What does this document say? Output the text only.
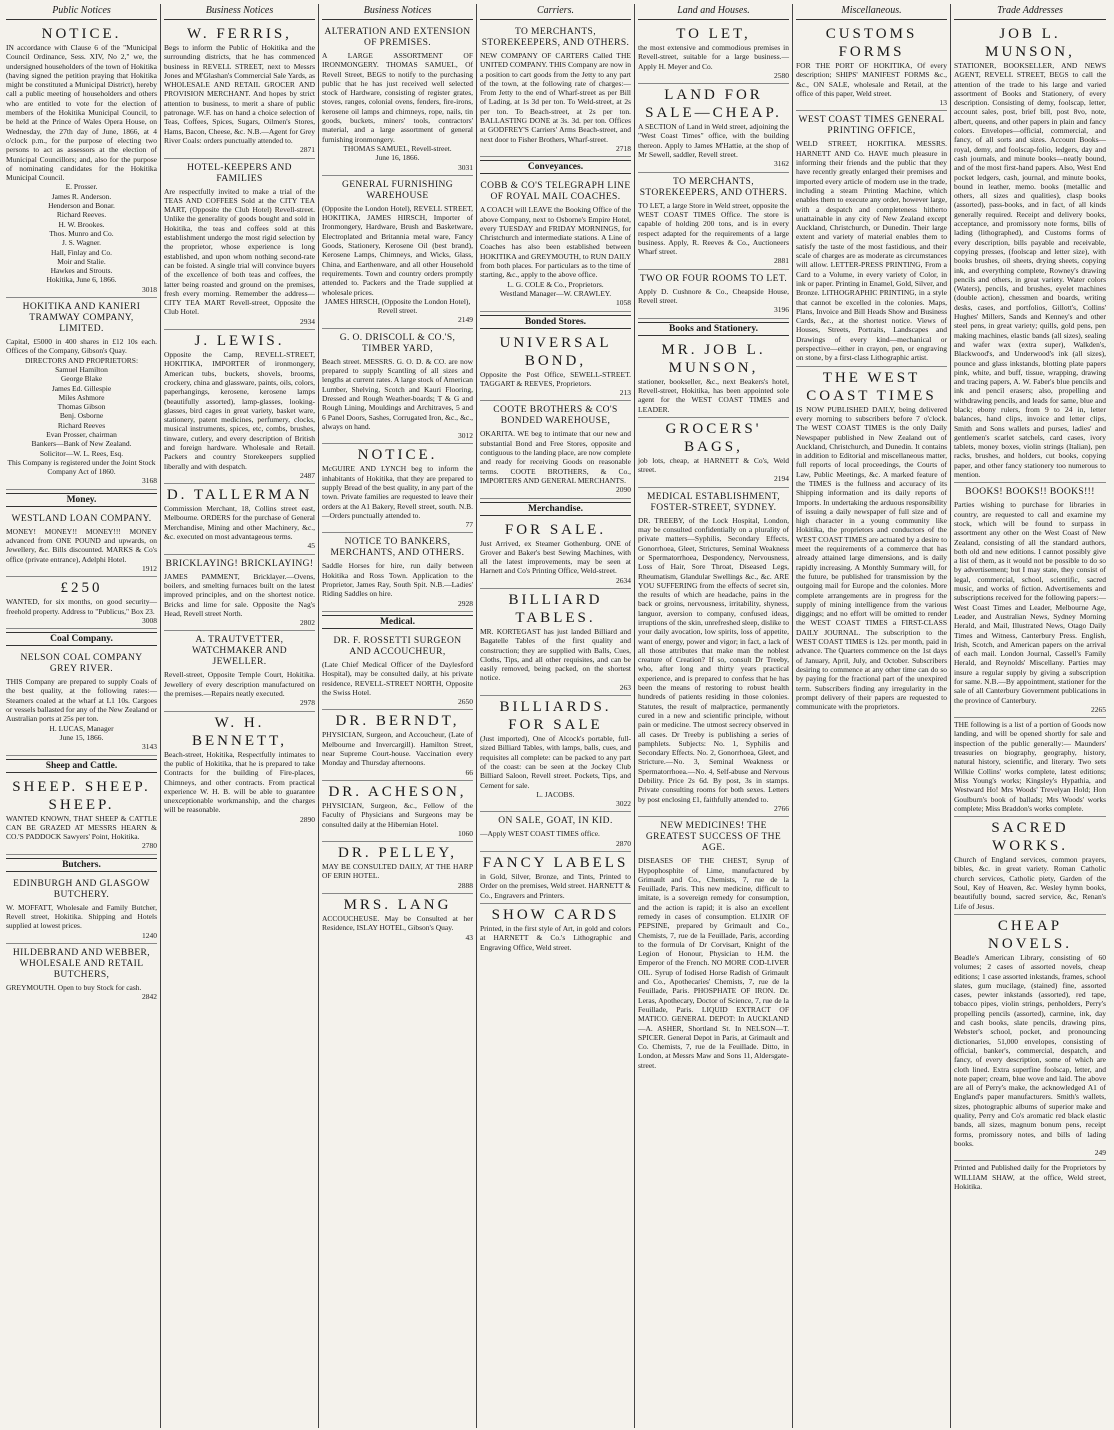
Public Notices
NOTICE.
IN accordance with Clause 6 of the "Municipal Council Ordinance, Sess. XIV, No 2," we, the undersigned householders of the town of Hokitika (having signed the petition praying that Hokitika might be constituted a Municipal District), hereby call a public meeting of householders and others who are entitled to vote for the election of members of the Hokitika Municipal Council, to be held at the Prince of Wales Opera House, on Wednesday, the 27th day of June, 1866, at 4 o'clock p.m., for the purpose of electing two persons to act as assessors at the election of Municipal Councillors; and, also for the purpose of nominating candidates for the Hokitika Municipal Council.
E. Prosser.
James R. Anderson.
Henderson and Bonar.
Richard Reeves.
H. W. Brookes.
Thos. Munro and Co.
J. S. Wagner.
Hall, Finlay and Co.
Moir and Stalie.
Hawkes and Strouts.
Hokitika, June 6, 1866.
3018
HOKITIKA AND KANIERI TRAMWAY COMPANY, LIMITED.
Capital, £5000 in 400 shares in £12 10s each. Offices of the Company, Gibson's Quay.
DIRECTORS AND PROPRIETORS:
Samuel Hamilton
George Blake
James Ed. Gillespie
Miles Ashmore
Thomas Gibson
Benj. Osborne
Richard Reeves
Evan Prosser, chairman
Bankers—Bank of New Zealand.
Solicitor—W. L. Rees, Esq.
This Company is registered under the Joint Stock Company Act of 1860.
3168
Money.
WESTLAND LOAN COMPANY.
MONEY! MONEY!! MONEY!!! MONEY advanced from ONE POUND and upwards, on Jewellery, &c. Bills discounted. MARKS & Co's office (private entrance), Adelphi Hotel.
1912
£250
WANTED, for six months, on good security—freehold property. Address to "Publicus," Box 23.
3008
Coal Company.
NELSON COAL COMPANY GREY RIVER.
THIS Company are prepared to supply Coals of the best quality, at the following rates:— Steamers coaled at the wharf at L1 10s. Cargoes or vessels ballasted for any of the New Zealand or Australian ports at 25s per ton.
H. LUCAS, Manager
June 15, 1866.
3143
Sheep and Cattle.
SHEEP. SHEEP. SHEEP.
WANTED KNOWN, THAT SHEEP & CATTLE CAN BE GRAZED AT MESSRS HEARN & CO.'S PADDOCK Sawyers' Point, Hokitika.
2780
Butchers.
EDINBURGH AND GLASGOW BUTCHERY.
W. MOFFATT, Wholesale and Family Butcher, Revell street, Hokitika. Shipping and Hotels supplied at lowest prices.
1240
HILDEBRAND AND WEBBER, WHOLESALE AND RETAIL BUTCHERS,
GREYMOUTH. Open to buy Stock for cash.
2842
Business Notices
W. FERRIS,
Begs to inform the Public of Hokitika and the surrounding districts, that he has commenced business in REVELL STREET, next to Messrs Jones and M'Glashan's Commercial Sale Yards, as WHOLESALE AND RETAIL GROCER AND PROVISION MERCHANT. And hopes by strict attention to business, to merit a share of public patronage. W.F. has on hand a choice selection of Teas, Coffees, Spices, Sugars, Oilmen's Stores, Hams, Bacon, Cheese, &c. N.B.—Agent for Grey River Coals: orders punctually attended to.
2871
HOTEL-KEEPERS AND FAMILIES
Are respectfully invited to make a trial of the TEAS AND COFFEES Sold at the CITY TEA MART, (Opposite the Club Hotel) Revell-street. Unlike the generality of goods bought and sold in Hokitika, the teas and coffees sold at this establishment undergo the most rigid selection by the proprietor, whose experience is long established, and upon whom nothing second-rate can be foisted. A single trial will convince buyers of the excellence of both teas and coffees, the latter being roasted and ground on the premises, fresh every morning. Remember the address— CITY TEA MART Revell-street, Opposite the Club Hotel.
2934
J. LEWIS.
Opposite the Camp, REVELL-STREET, HOKITIKA, IMPORTER of ironmongery, American tubs, buckets, shovels, brooms, crockery, china and glassware, paints, oils, colors, paperhangings, kerosene, kerosene lamps (beautifully assorted), lamp-glasses, looking-glasses, bird cages in great variety, basket ware, stationery, patent medicines, perfumery, clocks, musical instruments, spices, etc, combs, brushes, tinware, cutlery, and every description of British and foreign hardware. Wholesale and Retail. Packers and country Storekeepers supplied liberally and with despatch.
2487
D. TALLERMAN
Commission Merchant, 18, Collins street east, Melbourne. ORDERS for the purchase of General Merchandise, Mining and other Machinery, &c., &c. executed on most advantageous terms.
45
BRICKLAYING! BRICKLAYING!
JAMES PAMMENT, Bricklayer.—Ovens, boilers, and smelting furnaces built on the latest improved principles, and on the shortest notice. Bricks and lime for sale. Opposite the Nag's Head, Revell street North.
2802
A. TRAUTVETTER, WATCHMAKER AND JEWELLER.
Revell-street, Opposite Temple Court, Hokitika. Jewellery of every description manufactured on the premises.—Repairs neatly executed.
2978
W. H. BENNETT,
Beach-street, Hokitika, Respectfully intimates to the public of Hokitika, that he is prepared to take Contracts for the building of Fire-places, Chimneys, and other contracts. From practical experience W. H. B. will be able to guarantee unexceptionable workmanship, and the charges will be reasonable.
2890
Business Notices
ALTERATION AND EXTENSION OF PREMISES.
A LARGE ASSORTMENT OF IRONMONGERY. THOMAS SAMUEL, Of Revell Street, BEGS to notify to the purchasing public that he has just received well selected stock of Hardware, consisting of register grates, stoves, ranges, colonial ovens, fenders, fire-irons, kerosene oil lamps and chimneys, rope, nails, tin goods, buckets, miners' tools, contractors' material, and a large assortment of general furnishing ironmongery.
THOMAS SAMUEL, Revell-street.
June 16, 1866.
3031
GENERAL FURNISHING WAREHOUSE
(Opposite the London Hotel), REVELL STREET, HOKITIKA, JAMES HIRSCH, Importer of Ironmongery, Hardware, Brush and Basketware, Electroplated and Britannia metal ware, Fancy Goods, Stationery, Kerosene Oil (best brand), Kerosene Lamps, Chimneys, and Wicks, Glass, China, and Earthenware, and all other Household requirements. Town and country orders promptly attended to. Packers and the Trade supplied at wholesale prices.
JAMES HIRSCH, (Opposite the London Hotel), Revell street.
2149
G. O. DRISCOLL & CO.'S, TIMBER YARD,
Beach street. MESSRS. G. O. D. & CO. are now prepared to supply Scantling of all sizes and lengths at current rates. A large stock of American Lumber, Shelving, Scotch and Kauri Flooring, Dressed and Rough Weather-boards; T & G and Rough Lining, Mouldings and Architraves, 5 and 6 Panel Doors, Sashes, Corrugated Iron, &c., &c., always on hand.
3012
NOTICE.
McGUIRE AND LYNCH beg to inform the inhabitants of Hokitika, that they are prepared to supply Bread of the best quality, in any part of the town. Private families are requested to leave their orders at the A1 Bakery, Revell street, south. N.B.—Orders punctually attended to.
77
NOTICE TO BANKERS, MERCHANTS, AND OTHERS.
Saddle Horses for hire, run daily between Hokitika and Ross Town. Application to the Proprietor, James Ray, South Spit. N.B.—Ladies' Riding Saddles on hire.
2928
Medical.
DR. F. ROSSETTI SURGEON AND ACCOUCHEUR,
(Late Chief Medical Officer of the Daylesford Hospital), may be consulted daily, at his private residence, REVELL-STREET NORTH, Opposite the Swiss Hotel.
2650
DR. BERNDT,
PHYSICIAN, Surgeon, and Accoucheur, (Late of Melbourne and Invercargill). Hamilton Street, near Supreme Court-house. Vaccination every Monday and Thursday afternoons.
66
DR. ACHESON,
PHYSICIAN, Surgeon, &c., Fellow of the Faculty of Physicians and Surgeons may be consulted daily at the Hibernian Hotel.
1060
DR. PELLEY,
MAY BE CONSULTED DAILY, AT THE HARP OF ERIN HOTEL.
2888
MRS. LANG
ACCOUCHEUSE. May be Consulted at her Residence, ISLAY HOTEL, Gibson's Quay.
43
Carriers.
TO MERCHANTS, STOREKEEPERS, AND OTHERS.
NEW COMPANY OF CARTERS Called THE UNITED COMPANY. THIS Company are now in a position to cart goods from the Jetty to any part of the town, at the following rate of charges:— From Jetty to the end of Wharf-street as per Bill of Lading, at 1s 3d per ton. To Weld-street, at 2s per ton. To Beach-street, at 2s per ton. BALLASTING DONE at 3s. 3d. per ton. Offices at GODFREY'S Carriers' Arms Beach-street, and next door to Fisher Brothers, Wharf-street.
2718
Conveyances.
COBB & CO'S TELEGRAPH LINE OF ROYAL MAIL COACHES.
A COACH will LEAVE the Booking Office of the above Company, next to Osborne's Empire Hotel, every TUESDAY and FRIDAY MORNINGS, for Christchurch and intermediate stations. A Line of Coaches has also been established between HOKITIKA and GREYMOUTH, to RUN DAILY from both places. For particulars as to the time of starting, &c., apply to the above office.
L. G. COLE & Co., Proprietors.
Westland Manager—W. CRAWLEY.
1058
Bonded Stores.
UNIVERSAL BOND,
Opposite the Post Office, SEWELL-STREET. TAGGART & REEVES, Proprietors.
213
COOTE BROTHERS & CO'S BONDED WAREHOUSE,
OKARITA. WE beg to intimate that our new and substantial Bond and Free Stores, opposite and contiguous to the landing place, are now complete and ready for receiving Goods on reasonable terms. COOTE BROTHERS, & Co., IMPORTERS AND GENERAL MERCHANTS.
2090
Merchandise.
FOR SALE.
Just Arrived, ex Steamer Gothenburg. ONE of Grover and Baker's best Sewing Machines, with all the latest improvements, may be seen at Harnett and Co's Printing Office, Weld-street.
2634
BILLIARD TABLES.
MR. KORTEGAST has just landed Billiard and Bagatelle Tables of the first quality and construction; they are supplied with Balls, Cues, Cloths, Tips, and all other requisites, and can be easily removed, being packed, on the shortest notice.
263
BILLIARDS. FOR SALE
(Just imported), One of Alcock's portable, full-sized Billiard Tables, with lamps, balls, cues, and requisites all complete: can be packed to any part of the coast: can be seen at the Jockey Club Billiard Saloon, Revell street. Pockets, Tips, and Cement for sale.
L. JACOBS.
3022
ON SALE, GOAT, IN KID.
—Apply WEST COAST TIMES office.
2870
FANCY LABELS
in Gold, Silver, Bronze, and Tints, Printed to Order on the premises, Weld street. HARNETT & Co., Engravers and Printers.
SHOW CARDS
Printed, in the first style of Art, in gold and colors at HARNETT & Co.'s Lithographic and Engraving Office, Weld street.
Land and Houses.
TO LET,
the most extensive and commodious premises in Revell-street, suitable for a large business.—Apply H. Meyer and Co.
2580
LAND FOR SALE—CHEAP.
A SECTION of Land in Weld street, adjoining the "West Coast Times" office, with the building thereon. Apply to James M'Hattie, at the shop of Mr Sewell, saddler, Revell street.
3162
TO MERCHANTS, STOREKEEPERS, AND OTHERS.
TO LET, a large Store in Weld street, opposite the WEST COAST TIMES Office. The store is capable of holding 200 tons, and is in every respect adapted for the requirements of a large business. Apply, R. Reeves & Co., Auctioneers Wharf street.
2881
TWO OR FOUR ROOMS TO LET.
Apply D. Cushnore & Co., Cheapside House, Revell street.
3196
Books and Stationery.
MR. JOB L. MUNSON,
stationer, bookseller, &c., next Beakers's hotel, Revell-street, Hokitika, has been appointed sole agent for the WEST COAST TIMES and LEADER.
GROCERS' BAGS,
job lots, cheap, at HARNETT & Co's, Weld street.
2194
MEDICAL ESTABLISHMENT, FOSTER-STREET, SYDNEY.
DR. TREEBY, of the Lock Hospital, London, may be consulted confidentially on a plurality of private matters—Syphilis, Secondary Effects, Gonorrhoea, Gleet, Strictures, Seminal Weakness or Spermatorrhoea, Despondency, Nervousness, Loss of Hair, Sore Throat, Diseased Legs, Rheumatism, Glandular Swellings &c., &c. ARE YOU SUFFERING from the effects of secret sin, the results of which are headache, pains in the back or groins, nervousness, irritability, shyness, languor, aversion to company, confused ideas, irruptions of the skin, unrefreshed sleep, dislike to your daily avocation, low spirits, loss of appetite, want of energy, power and vigor; in fact, a lack of all those attributes that make man the noblest creature of Creation? If so, consult Dr Treeby, who, after long and thirty years practical experience, and is prepared to confess that he has been the means of restoring to robust health hundreds of patients residing in those colonies. Statutes, the result of malpractice, permanently cured in a new and scientific principle, without pain or medicine. The utmost secrecy observed in all cases. Dr Treeby is publishing a series of pamphlets. Subjects: No. 1, Syphilis and Secondary Effects. No. 2, Gonorrhoea, Gleet, and Stricture.—No. 3, Seminal Weakness or Spermatorrhoea.—No. 4, Self-abuse and Nervous Debility. Price 2s 6d. By post, 3s in stamps. Private consulting rooms for both sexes. Letters by post enclosing £1, faithfully attended to.
2766
NEW MEDICINES! THE GREATEST SUCCESS OF THE AGE.
DISEASES OF THE CHEST, Syrup of Hypophosphite of Lime, manufactured by Grimault and Co., Chemists, 7, rue de la Feuillade, Paris. This new medicine, difficult to imitate, is a sovereign remedy for consumption, and the action is rapid; it is also an excellent remedy in cases of consumption. ELIXIR OF PEPSINE, prepared by Grimault and Co., Chemists, 7, rue de la Feuillade, Paris, according to the formula of Dr Corvisart, Knight of the Legion of Honour, Physician to H.M. the Emperor of the French. NO MORE COD-LIVER OIL. Syrup of Iodised Horse Radish of Grimault and Co., Apothecaries' Chemists, 7, rue de la Feuillade, Paris. PHOSPHATE OF IRON. Dr. Leras, Apothecary, Doctor of Science, 7, rue de la Feuillade, Paris. LIQUID EXTRACT OF MATICO. GENERAL DEPOT: In AUCKLAND—A. ASHER, Shortland St. In NELSON—T. SPICER. General Depot in Paris, at Grimault and Co. Chemists, 7, rue de la Feuillade. Ditto, in London, at Messrs Maw and Sons 11, Aldersgate-street.
Miscellaneous.
CUSTOMS FORMS
FOR THE PORT OF HOKITIKA, Of every description; SHIPS' MANIFEST FORMS &c., &c., ON SALE, wholesale and Retail, at the office of this paper, Weld street.
13
WEST COAST TIMES GENERAL PRINTING OFFICE,
WELD STREET, HOKITIKA. MESSRS. HARNETT AND Co. HAVE much pleasure in informing their friends and the public that they have recently greatly enlarged their premises and imported every article of modern use in the trade, including a steam Printing Machine, which enables them to execute any order, however large, with a despatch and completeness hitherto unattainable in any city of New Zealand except Auckland, Christchurch, or Dunedin. Their large extent and variety of material enables them to satisfy the taste of the most fastidious, and their scale of charges are as moderate as circumstances will allow. LETTER-PRESS PRINTING, From a Card to a Volume, in every variety of Color, in ink or paper. Printing in Enamel, Gold, Silver, and Bronze. LITHOGRAPHIC PRINTING, in a style that cannot be excelled in the colonies. Maps, Plans, Invoice and Bill Heads Show and Business Cards, &c., at the shortest notice. Views of Houses, Streets, Portraits, Landscapes and Drawings of every kind—mechanical or perspective—either in crayon, pen, or engraving on stone, by a first-class Lithographic artist.
THE WEST COAST TIMES
IS NOW PUBLISHED DAILY, being delivered every morning to subscribers before 7 o'clock. The WEST COAST TIMES is the only Daily Newspaper published in New Zealand out of Auckland, Christchurch, and Dunedin. It contains in addition to Editorial and miscellaneous matter, full reports of local proceedings, the Courts of Law, Public Meetings, &c. A marked feature of the TIMES is the fullness and accuracy of its Shipping information and its daily reports of Imports. In undertaking the arduous responsibility of issuing a daily newspaper of full size and of high character in a young community like Hokitika, the proprietors and conductors of the WEST COAST TIMES are actuated by a desire to meet the requirements of a commerce that has already attained large dimensions, and is daily rapidly increasing. A Monthly Summary will, for the future, be published for transmission by the outgoing mail for Europe and the colonies. More complete arrangements are in progress for the supply of mining intelligence from the various diggings; and no effort will be omitted to render the WEST COAST TIMES a FIRST-CLASS DAILY JOURNAL. The subscription to the WEST COAST TIMES is 12s. per month, paid in advance. The Quarters commence on the 1st days of January, April, July, and October. Subscribers desiring to commence at any other time can do so by paying for the fractional part of the unexpired term. Subscribers finding any irregularity in the prompt delivery of their papers are requested to communicate with the proprietors.
Trade Addresses
JOB L. MUNSON,
STATIONER, BOOKSELLER, AND NEWS AGENT, REVELL STREET, BEGS to call the attention of the trade to his large and varied assortment of Books and Stationery, of every description. Consisting of demy, foolscap, letter, account sales, post, brief bill, post 8vo, note, albert, queens, and other papers in plain and fancy colors. Envelopes—official, commercial, and fancy, of all sorts and sizes. Account Books—royal, demy, and foolscap-folio, ledgers, day and cash journals, and minute books—neatly bound, and of the most first-hand papers. Also, West End pocket ledgers, cash, journal, and minute books, bound in leather, memo. books (metallic and others, all sizes and qualities), clasp books (assorted), pass-books, and in fact, of all kinds generally required. Receipt and delivery books, acceptance, and promissory note forms, bills of lading (lithographed), and Customs forms of every description, bills payable and receivable, copying presses, (foolscap and letter size), with books brushes, oil sheets, drying sheets, copying ink, and everything complete, Rowney's drawing pencils and others, in great variety. Water colors (Waters), pencils, and brushes, eyelet machines (double action), chessmen and boards, writing desks, cases, and portfolios, Gillott's, Collins' Hughes' Millers, Sands and Kenney's and other steel pens, in great variety; quills, gold pens, pen making machines, elastic bands (all sizes), sealing and wafer wax (extra super), Walkden's, Blackwood's, and Underwood's ink (all sizes), pounce and glass inkstands, blotting plate papers pink, white, and buff, tissue, wrapping, drawing and tracing papers, A. W. Faber's blue pencils and ink and pencil erasers; also, propelling and withdrawing pencils, and leads for same, blue and black; ebony rulers, from 9 to 24 in, letter balances, hand clips, invoice and letter clips, Smith and Sons wallets and purses, ladies' and gentlemen's scarlet satchels, card cases, ivory tablets, money boxes, violin strings (Italian), pen racks, brushes, and holders, cut books, copying paper, and other fancy stationery too numerous to mention.
BOOKS! BOOKS!! BOOKS!!!
Parties wishing to purchase for libraries in country, are requested to call and examine my stock, which will be found to surpass in assortment any other on the West Coast of New Zealand, consisting of all the standard authors, both old and new editions. I cannot possibly give a list of them, as it would not be possible to do so by advertisement; but I may state, they consist of legal, commercial, school, scientific, sacred music, and works of fiction. Advertisements and subscriptions received for the following papers:— West Coast Times and Leader, Melbourne Age, Leader, and Australian News, Sydney Morning Herald, and Mail, Illustrated News, Otago Daily Times and Witness, Canterbury Press. English, Irish, Scotch, and American papers on the arrival of each mail. London Journal, Cassell's Family Herald, and Reynolds' Miscellany. Parties may insure a regular supply by giving a subscription for same. N.B.—By appointment, stationer for the sale of all Canterbury Government publications in the province of Canterbury.
2265
THE following is a list of a portion of Goods now landing, and will be opened shortly for sale and inspection of the public generally:— Maunders' treasuries on biography, geography, history, natural history, scientific, and literary. Two sets Wilkie Collins' works complete, latest editions; Miss Young's works; Kingsley's Hypathia, and Westward Ho! Mrs Woods' Trevelyan Hold; Hon Goulburn's book of ballads; Mrs Woods' works complete; Miss Braddon's works complete.
SACRED WORKS.
Church of England services, common prayers, bibles, &c. in great variety. Roman Catholic church services, Catholic piety, Garden of the Soul, Key of Heaven, &c. Wesley hymn books, beautifully bound, sacred service, &c, Renan's Life of Jesus.
CHEAP NOVELS.
Beadle's American Library, consisting of 60 volumes; 2 cases of assorted novels, cheap editions; 1 case assorted inkstands, frames, school slates, gum mucilage, (stained) fine, assorted cases, pewter inkstands (assorted), red tape, tobacco pipes, violin strings, penholders, Perry's propelling pencils (assorted), carmine, ink, day and cash books, slate pencils, drawing pins, Webster's school, pocket, and pronouncing dictionaries, 51,000 envelopes, consisting of official, banker's, commercial, despatch, and fancy, of every description, some of which are cloth lined. Extra superfine foolscap, letter, and note paper; cream, blue wove and laid. The above are all of Perry's make, the acknowledged A1 of England's paper manufacturers. Smith's wallets, sizes, photographic albums of superior make and quality, Perry and Co's aromatic red black elastic bands, all sizes, magnum bonum pens, receipt forms, promissory notes, and bills of lading books.
249
Printed and Published daily for the Proprietors by WILLIAM SHAW, at the office, Weld street, Hokitika.
